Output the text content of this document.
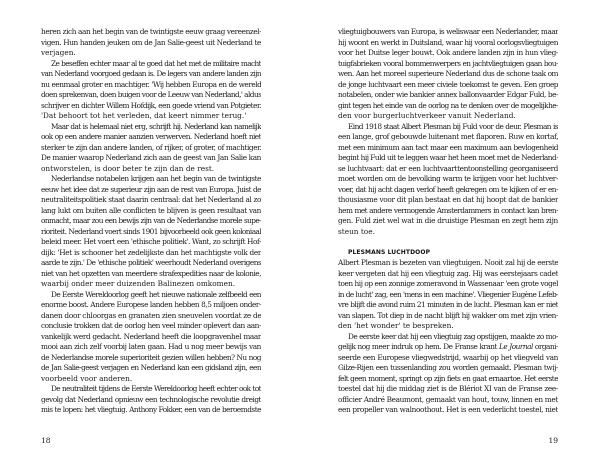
heren zich aan het begin van de twintigste eeuw graag vereenzel-
vigen. Hun handen jeuken om de Jan Salie-geest uit Nederland te
verjagen.
Ze beseffen echter maar al te goed dat het met de militaire macht
van Nederland voorgoed gedaan is. De legers van andere landen zijn
nu eenmaal groter en machtiger. 'Wij hebben Europa en de wereld
doen sprekenvan, doen buigen voor de Leeuw van Nederland,' aldus
schrijver en dichter Willem Hofdijk, een goede vriend van Potgieter.
'Dat behoort tot het verleden, dat keert nimmer terug.'
Maar dat is helemaal niet erg, schrijft hij. Nederland kan namelijk
ook op een andere manier aanzien verwerven. Nederland hoeft niet
sterker te zijn dan andere landen, of rijker, of groter, of machtiger.
De manier waarop Nederland zich aan de geest van Jan Salie kan
ontworstelen, is door beter te zijn dan de rest.
Nederlandse notabelen krijgen aan het begin van de twintigste
eeuw het idee dat ze superieur zijn aan de rest van Europa. Juist de
neutraliteitspolitiek staat daarin centraal: dat het Nederland al zo
lang lukt om buiten alle conflicten te blijven is geen resultaat van
onmacht, maar zou een bewijs zijn van de Nederlandse morele supe-
rioriteit. Nederland voert sinds 1901 bijvoorbeeld ook geen koloniaal
beleid meer. Het voert een 'ethische politiek'. Want, zo schrijft Hof-
dijk: 'Het is schooner het zedelijkste dan het machtigste volk der
aarde te zijn.' De 'ethische politiek' weerhoudt Nederland overigens
niet van het opzetten van meerdere strafexpedities naar de kolonie,
waarbij onder meer duizenden Balinezen omkomen.
De Eerste Wereldoorlog geeft het nieuwe nationale zelfbeeld een
enorme boost. Andere Europese landen hebben 8,5 miljoen onder-
danen door chloorgas en granaten zien sneuvelen voordat ze de
conclusie trokken dat de oorlog hen veel minder oplevert dan aan-
vankelijk werd gedacht. Nederland heeft die loopgravenhel maar
mooi aan zich zelf voorbij laten gaan. Had u nog meer bewijs van
de Nederlandse morele superioriteit gezien willen hebben? Nu nog
de Jan Salie-geest verjagen en Nederland kan een gidsland zijn, een
voorbeeld voor anderen.
De neutraliteit tijdens de Eerste Wereldoorlog heeft echter ook tot
gevolg dat Nederland opnieuw een technologische revolutie dreigt
mis te lopen: het vliegtuig. Anthony Fokker, een van de beroemdste
18
vliegtuigbouwers van Europa, is weliswaar een Nederlander, maar
hij woont en werkt in Duitsland, waar hij vooral oorlogsvliegtuigen
voor het Duitse leger bouwt. Ook andere landen zijn in hun vlieg-
tuigfabrieken vooral bommenwerpers en jachtvliegtuigen gaan bou-
wen. Aan het moreel superieure Nederland dus de schone taak om
de jonge luchtvaart een meer civiele toekomst te geven. Een groep
notabelen, onder wie bankier annex ballonvaarder Edgar Fuld, be-
gint tegen het einde van de oorlog na te denken over de mogelijkhe-
den voor burgerluchtverkeer vanuit Nederland.
Eind 1918 staat Albert Plesman bij Fuld voor de deur. Plesman is
een lange, grof gebouwde luitenant met flaporen. Ruw en kortaf,
met een minimum aan tact maar een maximum aan bevlogenheid
begint hij Fuld uit te leggen waar het heen moet met de Nederland-
se luchtvaart: dat er een luchtvaarttentoonstelling georganiseerd
moet worden om de bevolking warm te krijgen voor het luchtver-
voer, dat hij acht dagen verlof heeft gekregen om te kijken of er en-
thousiasme voor dit plan bestaat en dat hij hoopt dat de bankier
hem met andere vermogende Amsterdammers in contact kan bren-
gen. Fuld ziet wel wat in die druistige Plesman en zegt hem zijn
steun toe.
PLESMANS LUCHTDOOP
Albert Plesman is bezeten van vliegtuigen. Nooit zal hij de eerste
keer vergeten dat hij een vliegtuig zag. Hij was eerstejaars cadet
toen hij op een zonnige zomeravond in Wassenaar 'een grote vogel
in de lucht' zag, een 'mens in een machine'. Vliegenier Eugène Lefeb-
vre blijft die avond ruim 21 minuten in de lucht. Plesman kan er niet
van slapen. Tot diep in de nacht blijft hij wakker om met zijn vrien-
den 'het wonder' te bespreken.
De eerste keer dat hij een vliegtuig zag opstijgen, maakte zo mo-
gelijk nog meer indruk op hem. De Franse krant Le Journal organi-
seerde een Europese vliegwedstrijd, waarbij op het vliegveld van
Gilze-Rijen een tussenlanding zou worden gemaakt. Plesman twij-
felt geen moment, springt op zijn fiets en gaat ernaartoe. Het eerste
toestel dat hij die middag ziet is de Blériot XI van de Franse zee-
officier André Beaumont, gemaakt van hout, touw, linnen en met
een propeller van walnoothout. Het is een vederlicht toestel, niet
19
